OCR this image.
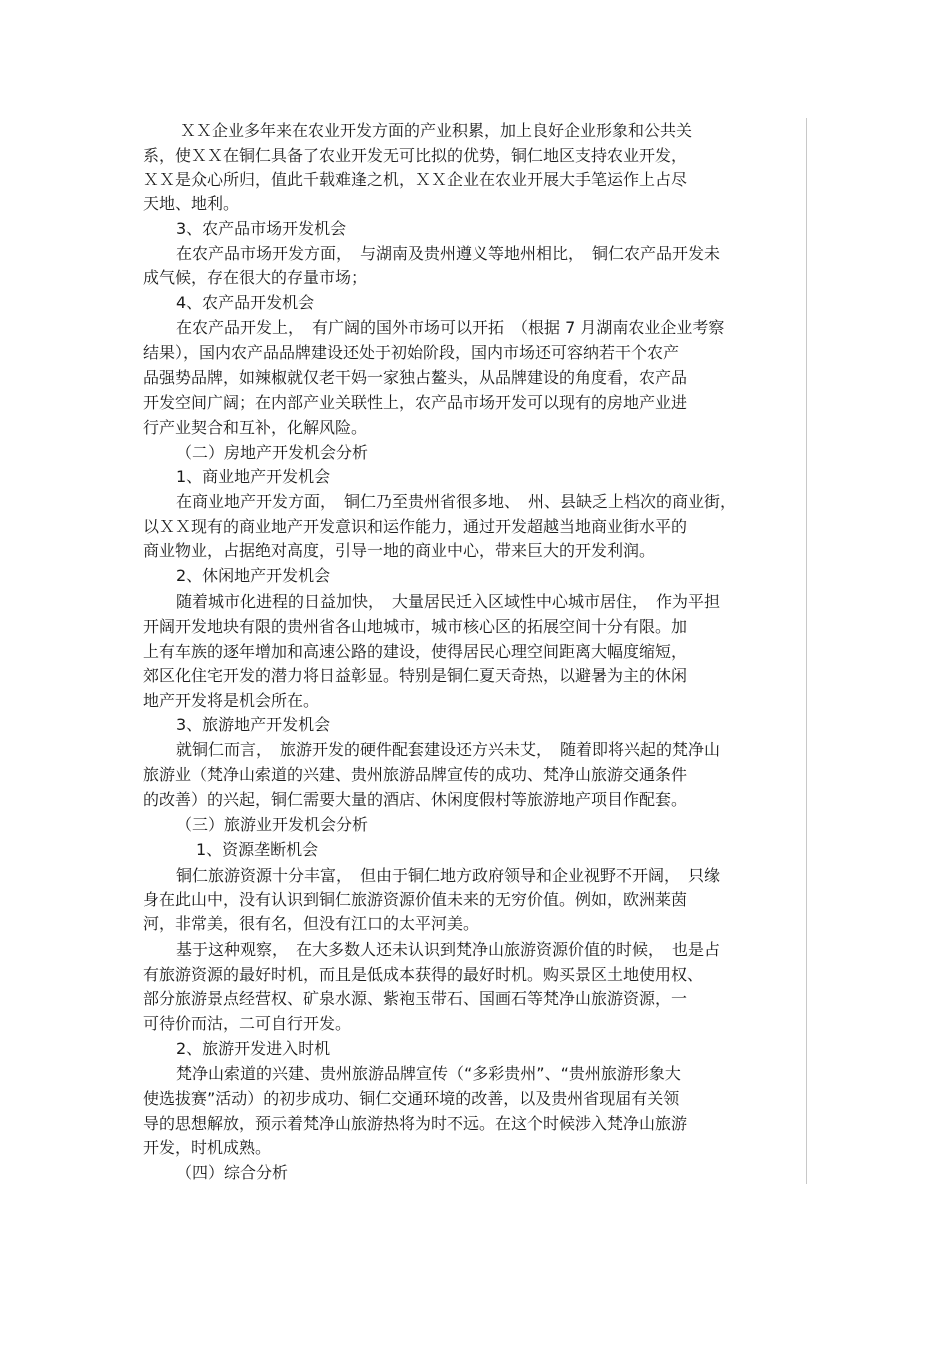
　　ＸＸ企业多年来在农业开发方面的产业积累，加上良好企业形象和公共关
系，使ＸＸ在铜仁具备了农业开发无可比拟的优势，铜仁地区支持农业开发，
ＸＸ是众心所归，值此千载难逢之机，ＸＸ企业在农业开展大手笔运作上占尽
天地、地利。
3、农产品市场开发机会
在农产品市场开发方面，　与湖南及贵州遵义等地州相比，　铜仁农产品开发未
成气候，存在很大的存量市场；
4、农产品开发机会
在农产品开发上，　有广阔的国外市场可以开拓　（根据 7 月湖南农业企业考察
结果），国内农产品品牌建设还处于初始阶段，国内市场还可容纳若干个农产
品强势品牌，如辣椒就仅老干妈一家独占鳌头，从品牌建设的角度看，农产品
开发空间广阔；在内部产业关联性上，农产品市场开发可以现有的房地产业进
行产业契合和互补，化解风险。
（二）房地产开发机会分析
1、商业地产开发机会
在商业地产开发方面，　铜仁乃至贵州省很多地、　州、县缺乏上档次的商业街，
以ＸＸ现有的商业地产开发意识和运作能力，通过开发超越当地商业街水平的
商业物业，占据绝对高度，引导一地的商业中心，带来巨大的开发利润。
2、休闲地产开发机会
随着城市化进程的日益加快，　大量居民迁入区域性中心城市居住，　作为平担
开阔开发地块有限的贵州省各山地城市，城市核心区的拓展空间十分有限。加
上有车族的逐年增加和高速公路的建设，使得居民心理空间距离大幅度缩短，
郊区化住宅开发的潜力将日益彰显。特别是铜仁夏天奇热，以避暑为主的休闲
地产开发将是机会所在。
3、旅游地产开发机会
就铜仁而言，　旅游开发的硬件配套建设还方兴未艾，　随着即将兴起的梵净山
旅游业（梵净山索道的兴建、贵州旅游品牌宣传的成功、梵净山旅游交通条件
的改善）的兴起，铜仁需要大量的酒店、休闲度假村等旅游地产项目作配套。
（三）旅游业开发机会分析
1、资源垄断机会
铜仁旅游资源十分丰富，　但由于铜仁地方政府领导和企业视野不开阔，　只缘
身在此山中，没有认识到铜仁旅游资源价值未来的无穷价值。例如，欧洲莱茵
河，非常美，很有名，但没有江口的太平河美。
基于这种观察，　在大多数人还未认识到梵净山旅游资源价值的时候，　也是占
有旅游资源的最好时机，而且是低成本获得的最好时机。购买景区土地使用权、
部分旅游景点经营权、矿泉水源、紫袍玉带石、国画石等梵净山旅游资源，一
可待价而沽，二可自行开发。
2、旅游开发进入时机
梵净山索道的兴建、贵州旅游品牌宣传（“多彩贵州”、“贵州旅游形象大
使选拔赛”活动）的初步成功、铜仁交通环境的改善，以及贵州省现届有关领
导的思想解放，预示着梵净山旅游热将为时不远。在这个时候涉入梵净山旅游
开发，时机成熟。
（四）综合分析
